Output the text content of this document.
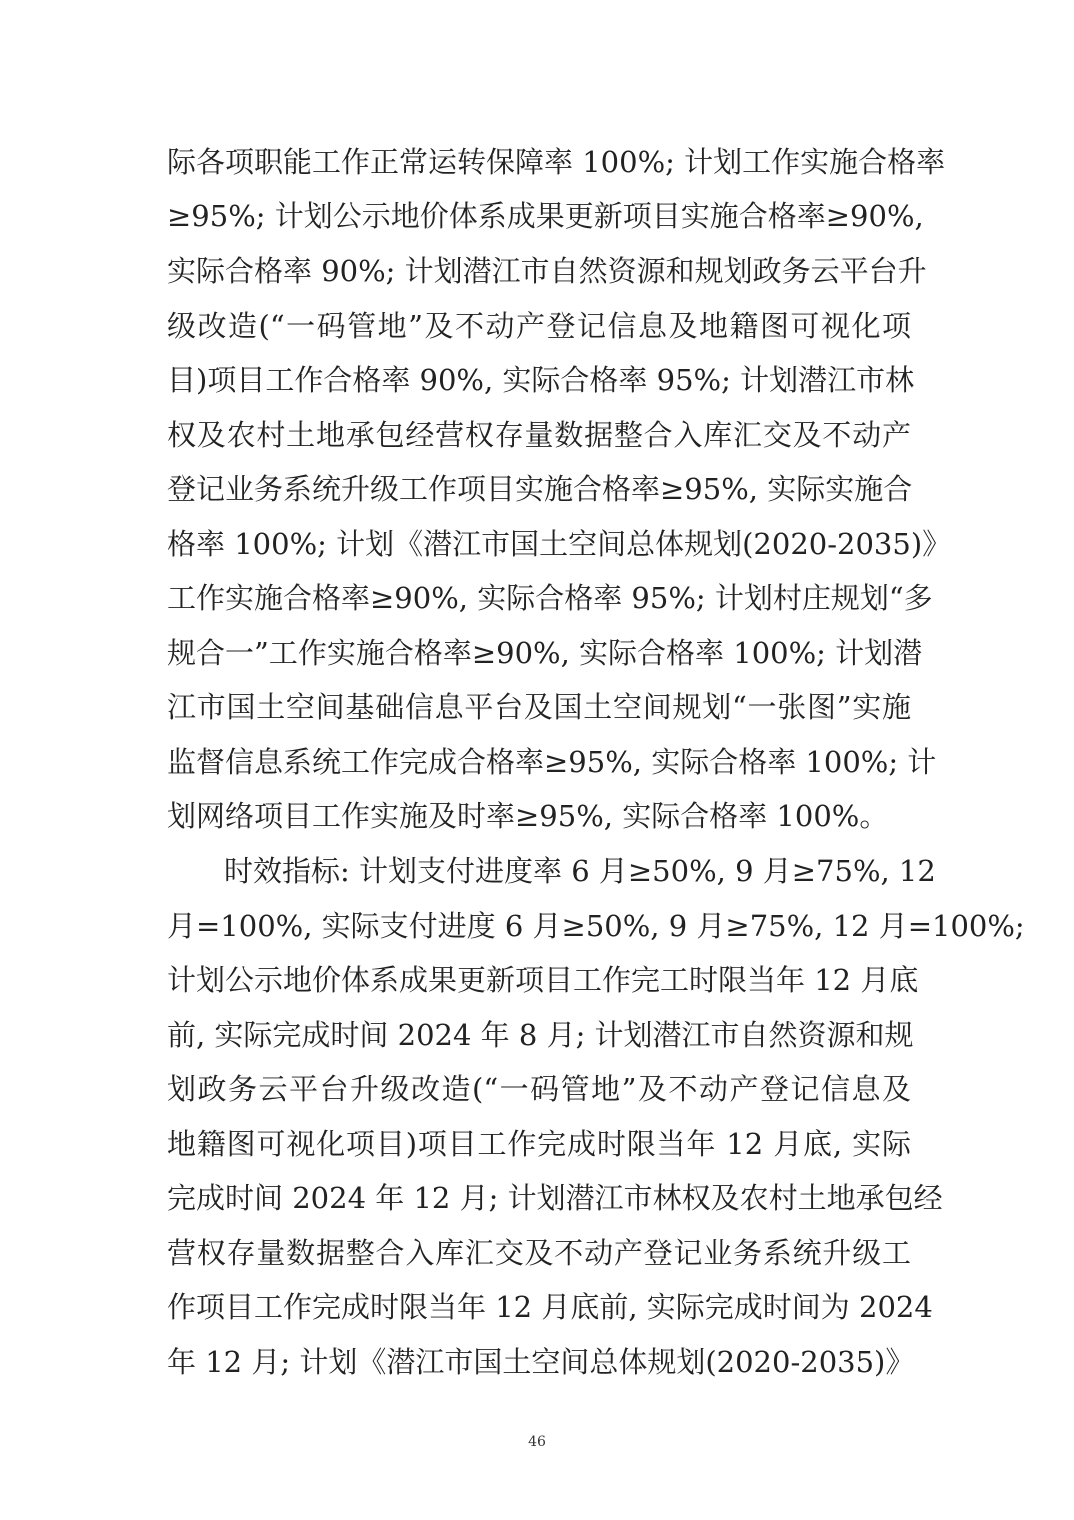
际各项职能工作正常运转保障率 100%; 计划工作实施合格率
≥95%; 计划公示地价体系成果更新项目实施合格率≥90%,
实际合格率 90%; 计划潜江市自然资源和规划政务云平台升
级改造(“一码管地”及不动产登记信息及地籍图可视化项
目)项目工作合格率 90%, 实际合格率 95%; 计划潜江市林
权及农村土地承包经营权存量数据整合入库汇交及不动产
登记业务系统升级工作项目实施合格率≥95%, 实际实施合
格率 100%; 计划《潜江市国土空间总体规划(2020-2035)》
工作实施合格率≥90%, 实际合格率 95%; 计划村庄规划“多
规合一”工作实施合格率≥90%, 实际合格率 100%; 计划潜
江市国土空间基础信息平台及国土空间规划“一张图”实施
监督信息系统工作完成合格率≥95%, 实际合格率 100%; 计
划网络项目工作实施及时率≥95%, 实际合格率 100%。
时效指标: 计划支付进度率 6 月≥50%, 9 月≥75%, 12
月=100%, 实际支付进度 6 月≥50%, 9 月≥75%, 12 月=100%;
计划公示地价体系成果更新项目工作完工时限当年 12 月底
前, 实际完成时间 2024 年 8 月; 计划潜江市自然资源和规
划政务云平台升级改造(“一码管地”及不动产登记信息及
地籍图可视化项目)项目工作完成时限当年 12 月底, 实际
完成时间 2024 年 12 月; 计划潜江市林权及农村土地承包经
营权存量数据整合入库汇交及不动产登记业务系统升级工
作项目工作完成时限当年 12 月底前, 实际完成时间为 2024
年 12 月; 计划《潜江市国土空间总体规划(2020-2035)》
46
